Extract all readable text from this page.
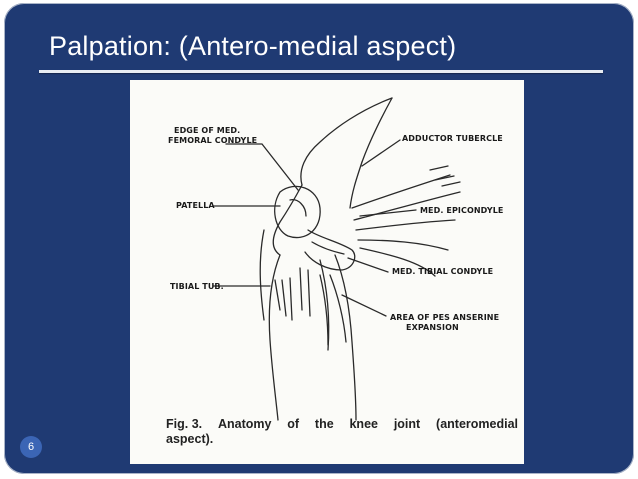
Palpation: (Antero-medial aspect)
EDGE OF MED.
FEMORAL CONDYLE
PATELLA
TIBIAL TUB.
ADDUCTOR TUBERCLE
MED. EPICONDYLE
MED. TIBIAL CONDYLE
AREA OF PES ANSERINE
EXPANSION
Fig. 3. Anatomy of the knee joint (anteromedial
aspect).
6
